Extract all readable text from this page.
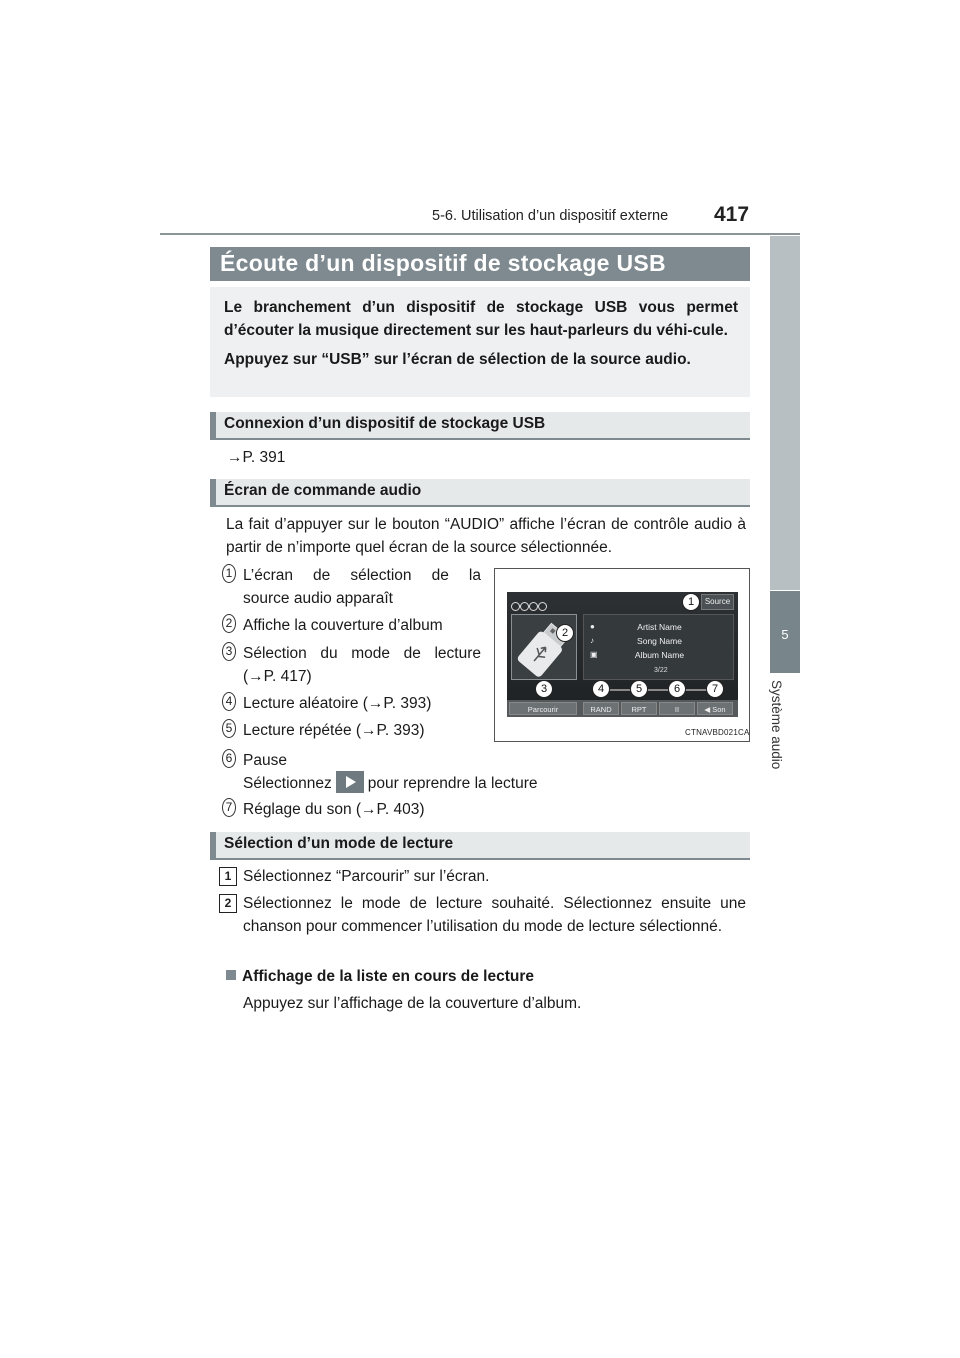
5-6. Utilisation d’un dispositif externe 417
5
Système audio
Écoute d’un dispositif de stockage USB

Le branchement d’un dispositif de stockage USB vous permet d’écouter la musique directement sur les haut-parleurs du véhi-cule.

Appuyez sur “USB” sur l’écran de sélection de la source audio.

Connexion d’un dispositif de stockage USB
→P. 391
Écran de commande audio
La fait d’appuyer sur le bouton “AUDIO” affiche l’écran de contrôle audio à partir de n’importe quel écran de la source sélectionnée.
1 L’écran de sélection de la
source audio apparaît
2 Affiche la couverture d’album
3 Sélection du mode de lecture
(→P. 417)
4 Lecture aléatoire (→P. 393)
5 Lecture répétée (→P. 393)
6 Pause
Sélectionnez pour reprendre la lecture
7 Réglage du son (→P. 403)
Source
●	Artist Name
♪	Song Name
▣	Album Name
3/22
Parcourir	RAND	RPT	II	◀ Son
1
2
3	4	5	6	7
CTNAVBD021CA
Sélection d’un mode de lecture
1 Sélectionnez “Parcourir” sur l’écran.
2 Sélectionnez le mode de lecture souhaité. Sélectionnez ensuite une chanson pour commencer l’utilisation du mode de lecture sélectionné.
Affichage de la liste en cours de lecture
Appuyez sur l’affichage de la couverture d’album.
